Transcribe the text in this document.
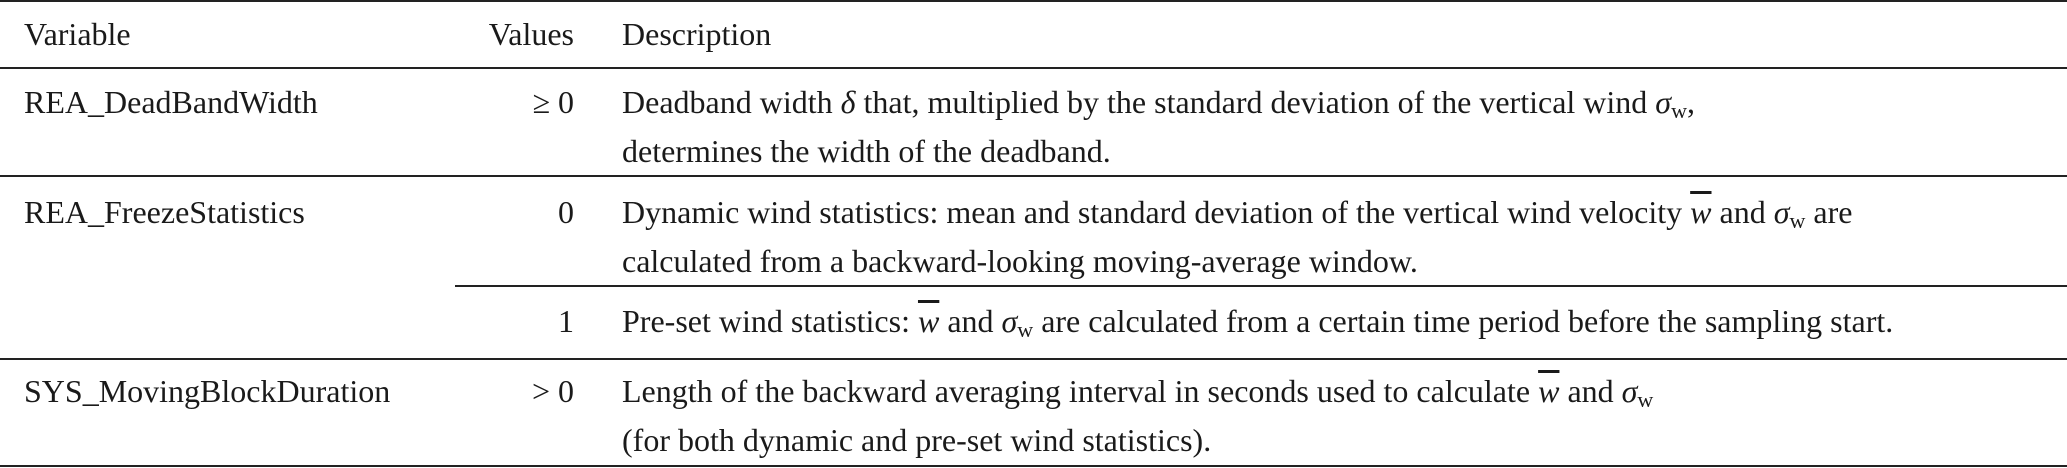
Variable	Values Description
REA_DeadBandWidth	≥ 0 Deadband width δ that, multiplied by the standard deviation of the vertical wind $\sigma_w$,
determines the width of the deadband.
REA_FreezeStatistics	0 Dynamic wind statistics: mean and standard deviation of the vertical wind velocity $\overline{w}$ and $\sigma_w$ are
calculated from a backward-looking moving-average window.
1 Pre-set wind statistics: $\overline{w}$ and $\sigma_w$ are calculated from a certain time period before the sampling start.
SYS_MovingBlockDuration	> 0 Length of the backward averaging interval in seconds used to calculate $\overline{w}$ and $\sigma_w$
(for both dynamic and pre-set wind statistics).
